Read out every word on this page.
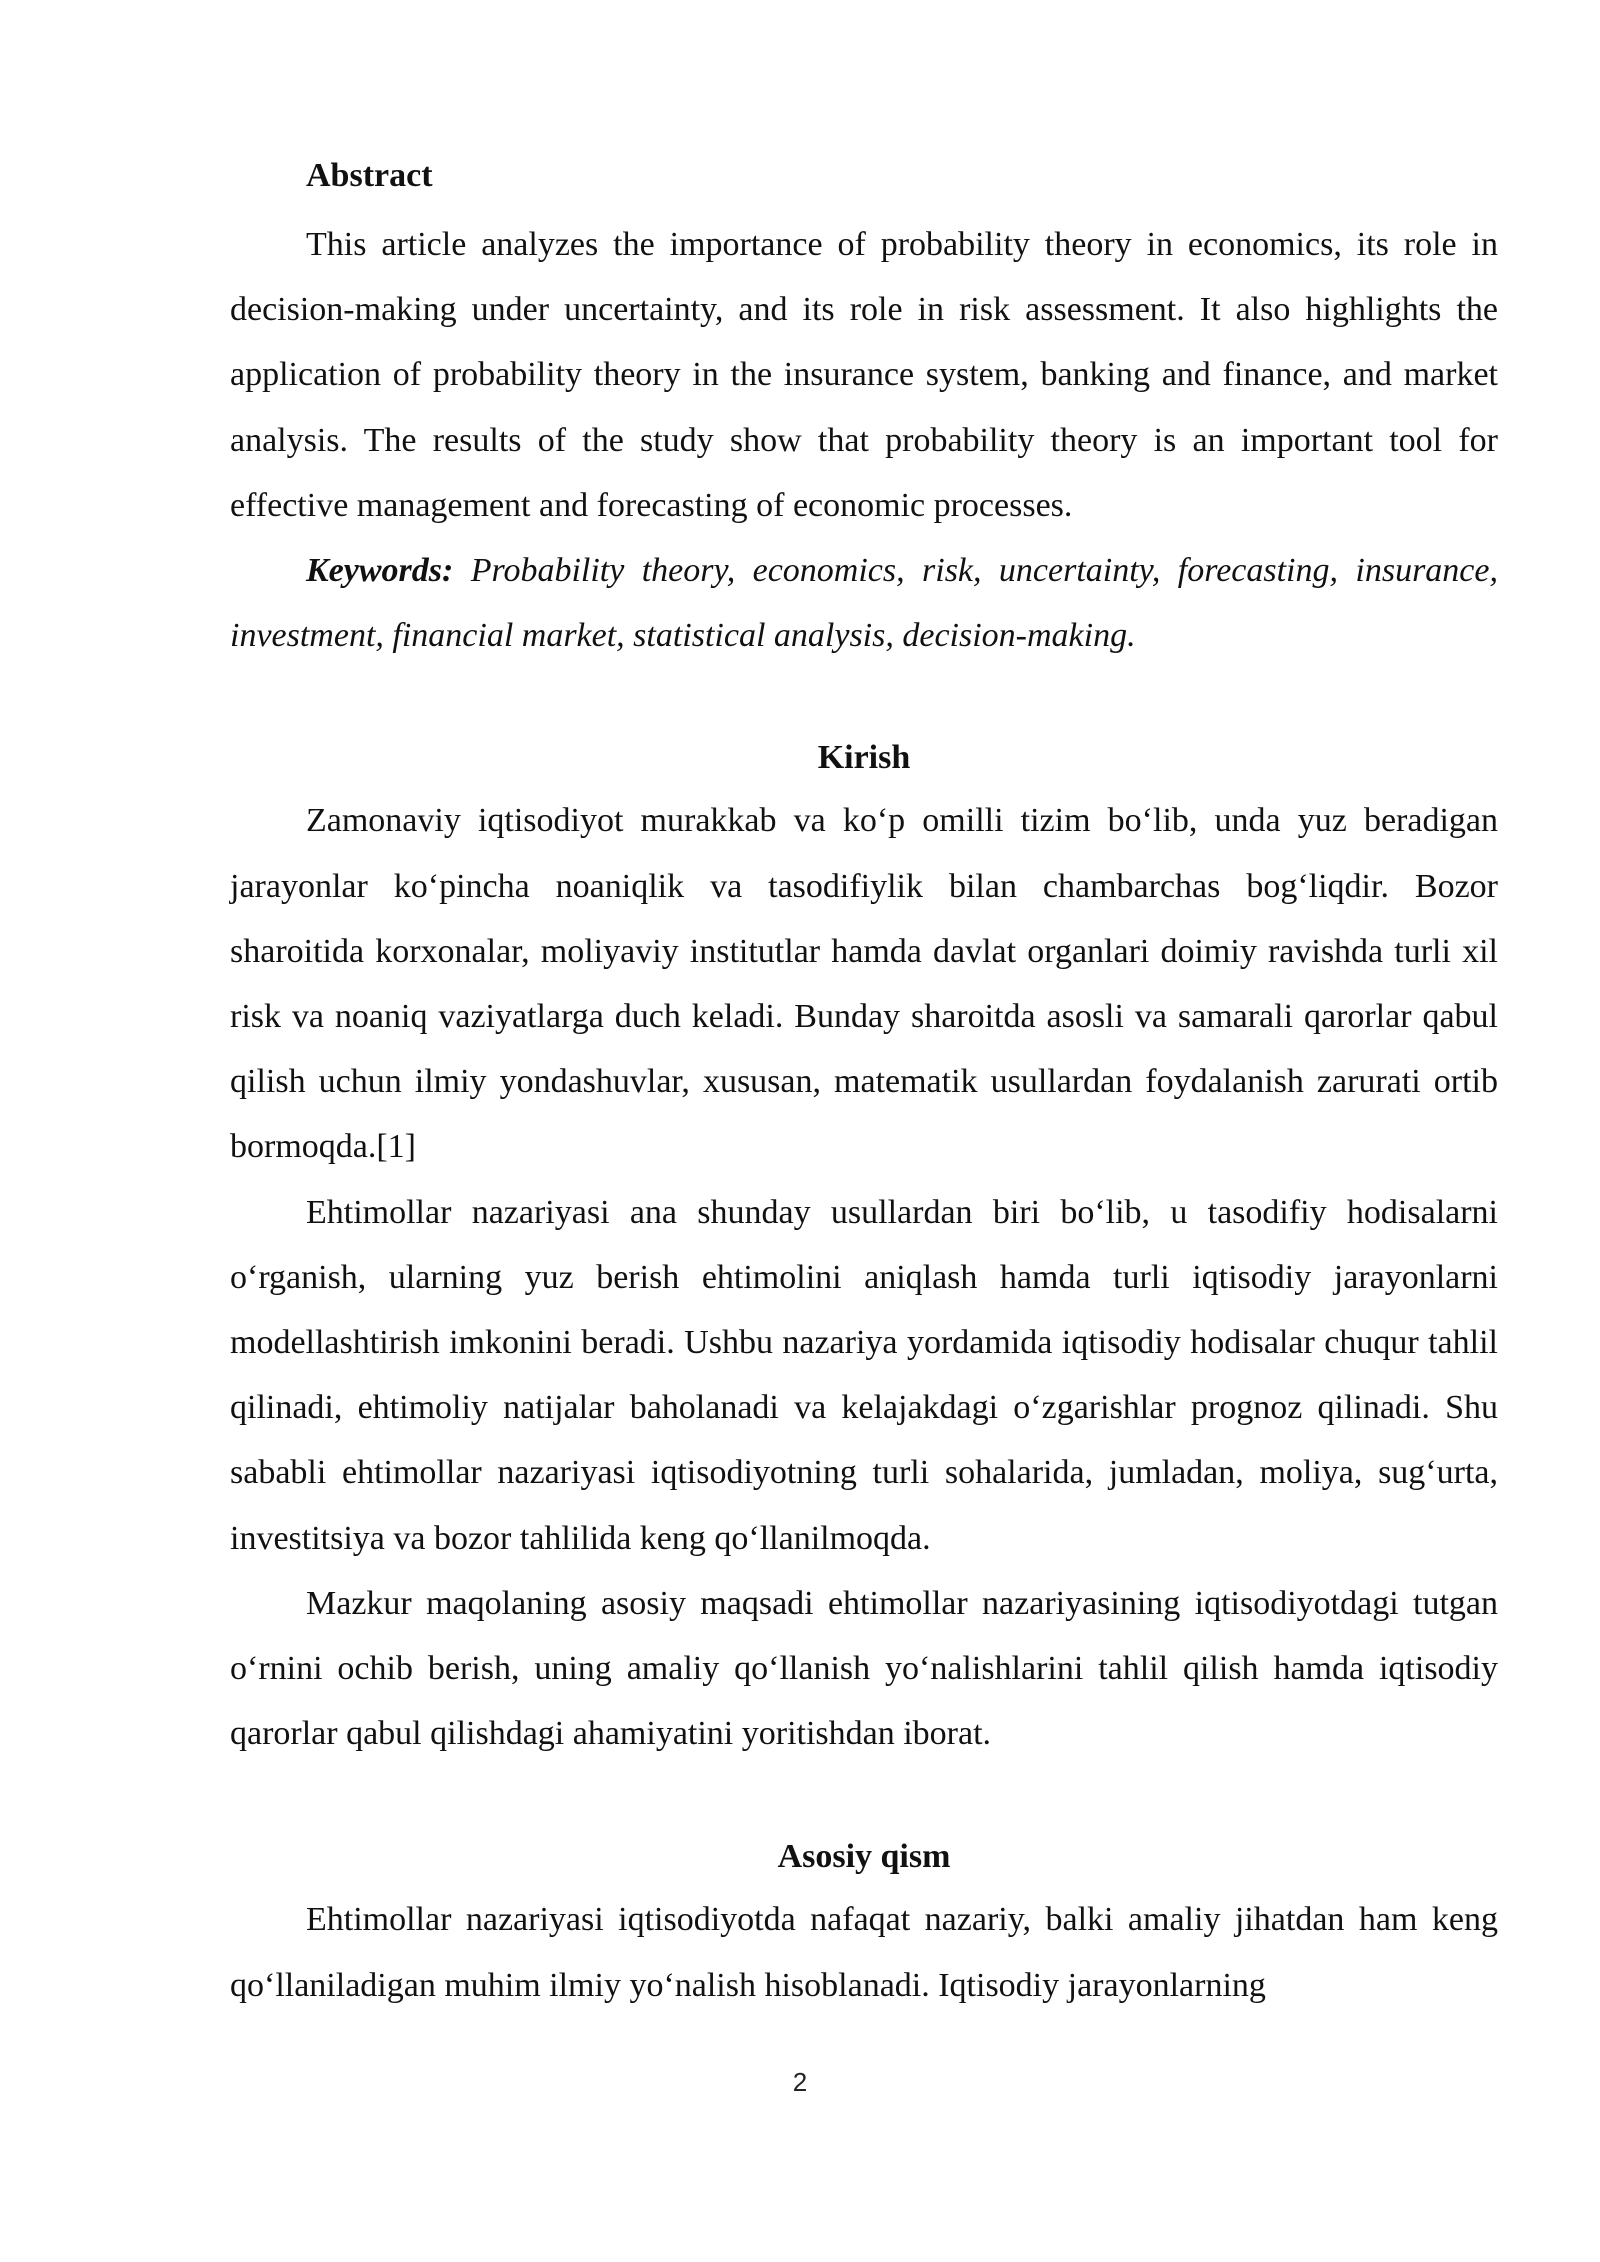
Abstract

This article analyzes the importance of probability theory in economics, its role in decision-making under uncertainty, and its role in risk assessment. It also highlights the application of probability theory in the insurance system, banking and finance, and market analysis. The results of the study show that probability theory is an important tool for effective management and forecasting of economic processes.

Keywords: Probability theory, economics, risk, uncertainty, forecasting, insurance, investment, financial market, statistical analysis, decision-making.

Kirish

Zamonaviy iqtisodiyot murakkab va ko‘p omilli tizim bo‘lib, unda yuz beradigan jarayonlar ko‘pincha noaniqlik va tasodifiylik bilan chambarchas bog‘liqdir. Bozor sharoitida korxonalar, moliyaviy institutlar hamda davlat organlari doimiy ravishda turli xil risk va noaniq vaziyatlarga duch keladi. Bunday sharoitda asosli va samarali qarorlar qabul qilish uchun ilmiy yondashuvlar, xususan, matematik usullardan foydalanish zarurati ortib bormoqda.[1]

Ehtimollar nazariyasi ana shunday usullardan biri bo‘lib, u tasodifiy hodisalarni o‘rganish, ularning yuz berish ehtimolini aniqlash hamda turli iqtisodiy jarayonlarni modellashtirish imkonini beradi. Ushbu nazariya yordamida iqtisodiy hodisalar chuqur tahlil qilinadi, ehtimoliy natijalar baholanadi va kelajakdagi o‘zgarishlar prognoz qilinadi. Shu sababli ehtimollar nazariyasi iqtisodiyotning turli sohalarida, jumladan, moliya, sug‘urta, investitsiya va bozor tahlilida keng qo‘llanilmoqda.

Mazkur maqolaning asosiy maqsadi ehtimollar nazariyasining iqtisodiyotdagi tutgan o‘rnini ochib berish, uning amaliy qo‘llanish yo‘nalishlarini tahlil qilish hamda iqtisodiy qarorlar qabul qilishdagi ahamiyatini yoritishdan iborat.

Asosiy qism

Ehtimollar nazariyasi iqtisodiyotda nafaqat nazariy, balki amaliy jihatdan ham keng qo‘llaniladigan muhim ilmiy yo‘nalish hisoblanadi. Iqtisodiy jarayonlarning

2
